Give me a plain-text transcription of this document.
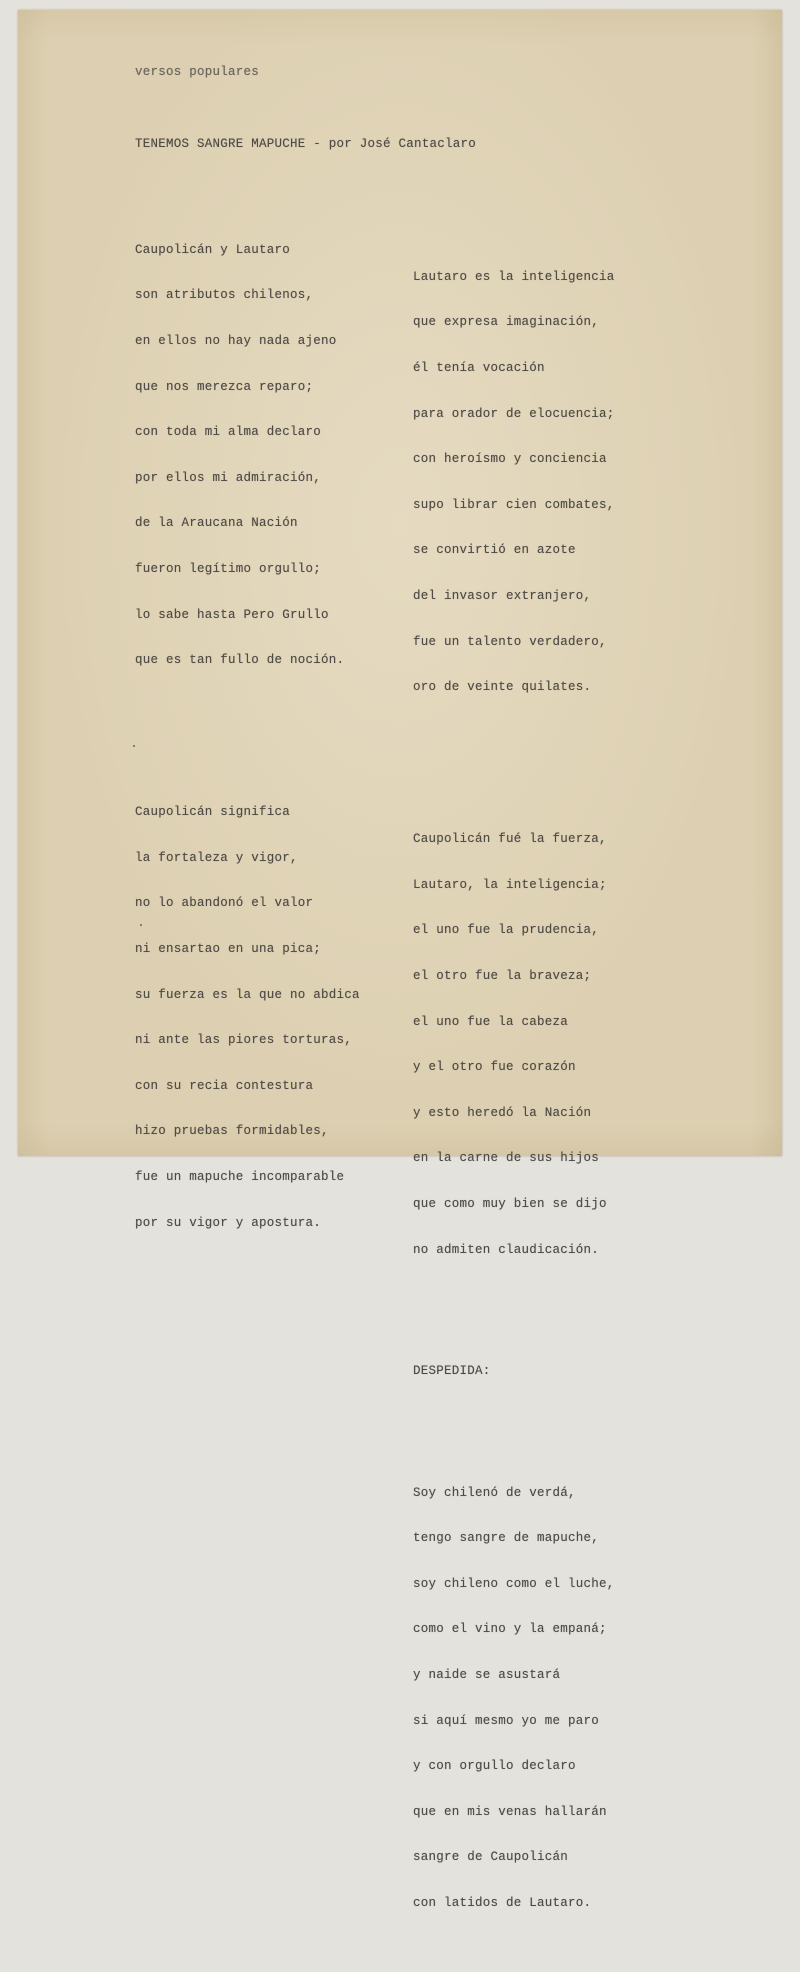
versos populares
TENEMOS SANGRE MAPUCHE - por José Cantaclaro

Caupolicán y Lautaro

son atributos chilenos,

en ellos no hay nada ajeno

que nos merezca reparo;

con toda mi alma declaro

por ellos mi admiración,

de la Araucana Nación

fueron legítimo orgullo;

lo sabe hasta Pero Grullo

que es tan fullo de noción.

Caupolicán significa

la fortaleza y vigor,

no lo abandonó el valor

ni ensartao en una pica;

su fuerza es la que no abdica

ni ante las piores torturas,

con su recia contestura

hizo pruebas formidables,

fue un mapuche incomparable

por su vigor y apostura.

Lautaro es la inteligencia

que expresa imaginación,

él tenía vocación

para orador de elocuencia;

con heroísmo y conciencia

supo librar cien combates,

se convirtió en azote

del invasor extranjero,

fue un talento verdadero,

oro de veinte quilates.

Caupolicán fué la fuerza,

Lautaro, la inteligencia;

el uno fue la prudencia,

el otro fue la braveza;

el uno fue la cabeza

y el otro fue corazón

y esto heredó la Nación

en la carne de sus hijos

que como muy bien se dijo

no admiten claudicación.

DESPEDIDA:

Soy chilenó de verdá,

tengo sangre de mapuche,

soy chileno como el luche,

como el vino y la empaná;

y naide se asustará

si aquí mesmo yo me paro

y con orgullo declaro

que en mis venas hallarán

sangre de Caupolicán

con latidos de Lautaro.
